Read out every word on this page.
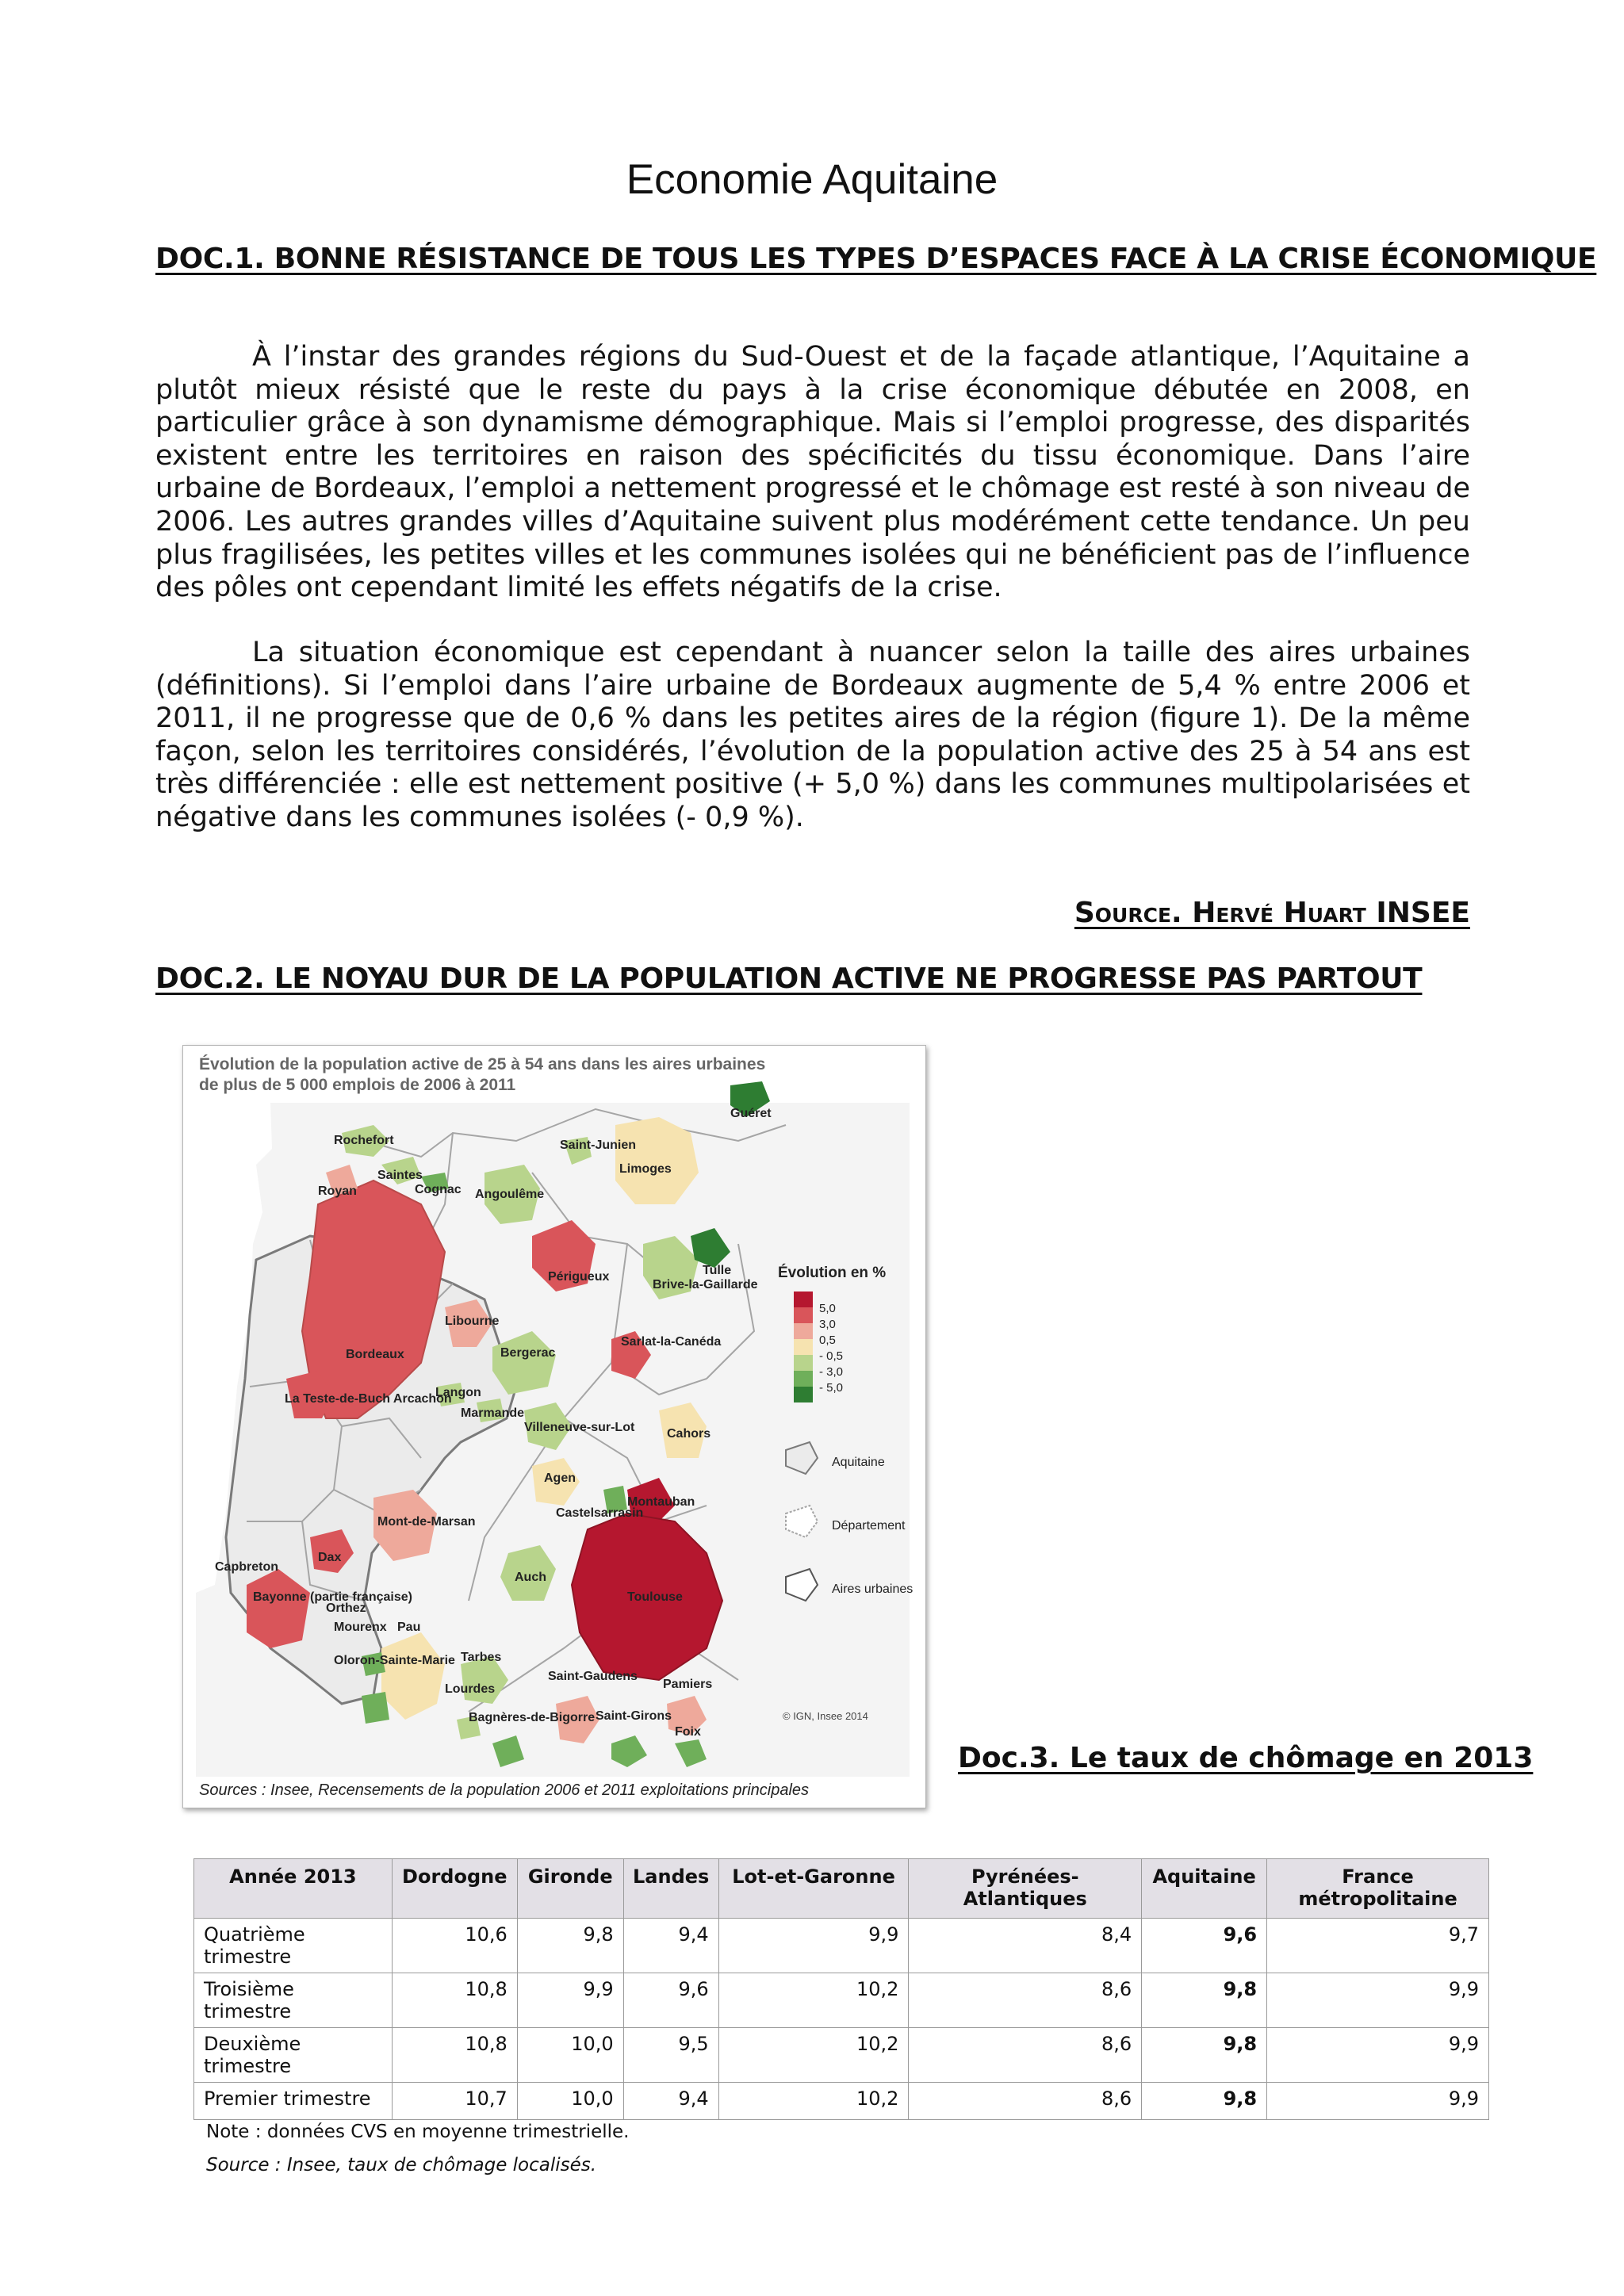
Economie Aquitaine
DOC.1. BONNE RÉSISTANCE DE TOUS LES TYPES D’ESPACES FACE À LA CRISE ÉCONOMIQUE
À l’instar des grandes régions du Sud-Ouest et de la façade atlantique, l’Aquitaine a plutôt mieux résisté que le reste du pays à la crise économique débutée en 2008, en particulier grâce à son dynamisme démographique. Mais si l’emploi progresse, des disparités existent entre les territoires en raison des spécificités du tissu économique. Dans l’aire urbaine de Bordeaux, l’emploi a nettement progressé et le chômage est resté à son niveau de 2006. Les autres grandes villes d’Aquitaine suivent plus modérément cette tendance. Un peu plus fragilisées, les petites villes et les communes isolées qui ne bénéficient pas de l’influence des pôles ont cependant limité les effets négatifs de la crise.
La situation économique est cependant à nuancer selon la taille des aires urbaines (définitions). Si l’emploi dans l’aire urbaine de Bordeaux augmente de 5,4 % entre 2006 et 2011, il ne progresse que de 0,6 % dans les petites aires de la région (figure 1). De la même façon, selon les territoires considérés, l’évolution de la population active des 25 à 54 ans est très différenciée : elle est nettement positive (+ 5,0 %) dans les communes multipolarisées et négative dans les communes isolées (- 0,9 %).
Source. Hervé Huart INSEE
DOC.2. LE NOYAU DUR DE LA POPULATION ACTIVE NE PROGRESSE PAS PARTOUT
Évolution de la population active de 25 à 54 ans dans les aires urbaines
de plus de 5 000 emplois de 2006 à 2011
Guéret
Rochefort	Saint-Junien
Limoges
Saintes
Royan	Cognac Angoulême
Tulle
Périgueux
Brive-la-Gaillarde
Libourne
Bordeaux	Bergerac
Sarlat-la-Canéda
La Teste-de-Buch Arcachon
Langon
Marmande
Villeneuve-sur-Lot	Cahors
Agen
Montauban
Castelsarrasin
Mont-de-Marsan
Dax
Capbreton
Auch
Toulouse
Bayonne (partie française)
Orthez
Mourenx Pau
Oloron-Sainte-Marie Tarbes
Lourdes
Bagnères-de-Bigorre
Saint-Gaudens
Pamiers
Saint-Girons
Foix
Évolution en %
5,0
3,0
0,5
- 0,5
- 3,0
- 5,0
Aquitaine
Département
Aires urbaines
© IGN, Insee 2014
Sources : Insee, Recensements de la population 2006 et 2011 exploitations principales
Doc.3. Le taux de chômage en 2013
Année 2013	Dordogne	Gironde	Landes	Lot-et-Garonne	Pyrénées-Atlantiques	Aquitaine	France métropolitaine
Quatrième trimestre	10,6	9,8	9,4	9,9	8,4	9,6	9,7
Troisième trimestre	10,8	9,9	9,6	10,2	8,6	9,8	9,9
Deuxième trimestre	10,8	10,0	9,5	10,2	8,6	9,8	9,9
Premier trimestre	10,7	10,0	9,4	10,2	8,6	9,8	9,9
Note : données CVS en moyenne trimestrielle.
Source : Insee, taux de chômage localisés.
